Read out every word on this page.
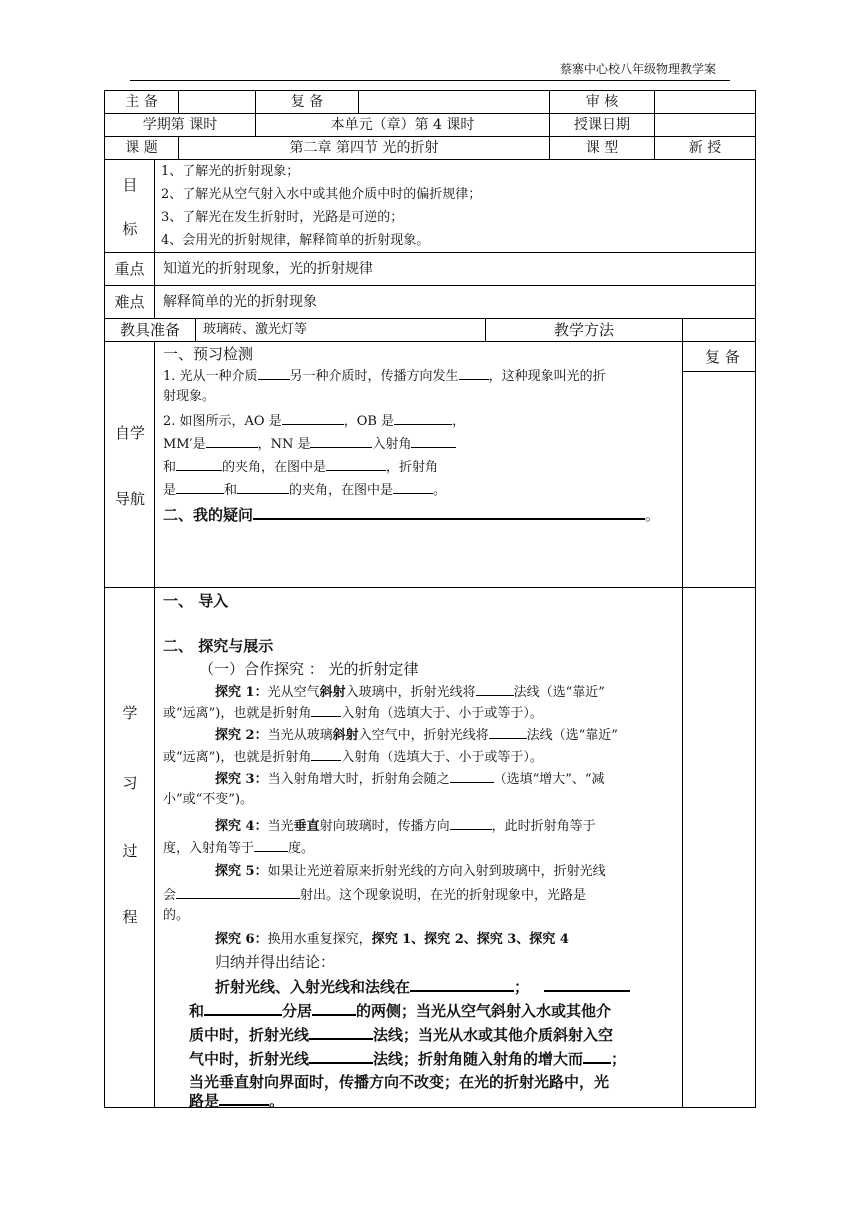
蔡寨中心校八年级物理教学案
主 备	复 备	审 核
学期第 课时	本单元（章）第 4 课时	授课日期
课 题	第二章 第四节 光的折射	课 型	新 授
目
标
1、了解光的折射现象；
2、了解光从空气射入水中或其他介质中时的偏折规律；
3、了解光在发生折射时，光路是可逆的；
4、会用光的折射规律，解释简单的折射现象。
重点	知道光的折射现象，光的折射规律
难点	解释简单的光的折射现象
教具准备	玻璃砖、激光灯等	教学方法
自学
导航
一、预习检测
1. 光从一种介质 另一种介质时，传播方向发生 ，这种现象叫光的折
射现象。
2. 如图所示，AO 是	，OB 是	，
MM′是	，NN 是	入射角
和	的夹角，在图中是	，折射角
是	和	的夹角，在图中是	。
二、我的疑问	。
复 备
学
习
过
程
一、 导入
二、 探究与展示
（一）合作探究 ： 光的折射定律
探究 1：光从空气斜射入玻璃中，折射光线将	法线（选“靠近”
或“远离”)，也就是折射角 入射角（选填大于、小于或等于）。
探究 2：当光从玻璃斜射入空气中，折射光线将	法线（选“靠近”
或“远离”)，也就是折射角 入射角（选填大于、小于或等于）。
探究 3：当入射角增大时，折射角会随之	（选填“增大”、“减
小”或“不变”)。
探究 4：当光垂直射向玻璃时，传播方向	，此时折射角等于
度，入射角等于	度。
探究 5：如果让光逆着原来折射光线的方向入射到玻璃中，折射光线
会	射出。这个现象说明，在光的折射现象中，光路是
的。
探究 6：换用水重复探究，探究 1、探究 2、探究 3、探究 4
归纳并得出结论：
折射光线、入射光线和法线在	；
和	分居	的两侧；当光从空气斜射入水或其他介
质中时，折射光线	法线；当光从水或其他介质斜射入空
气中时，折射光线	法线；折射角随入射角的增大而 ；
当光垂直射向界面时，传播方向不改变；在光的折射光路中，光
路是	。
